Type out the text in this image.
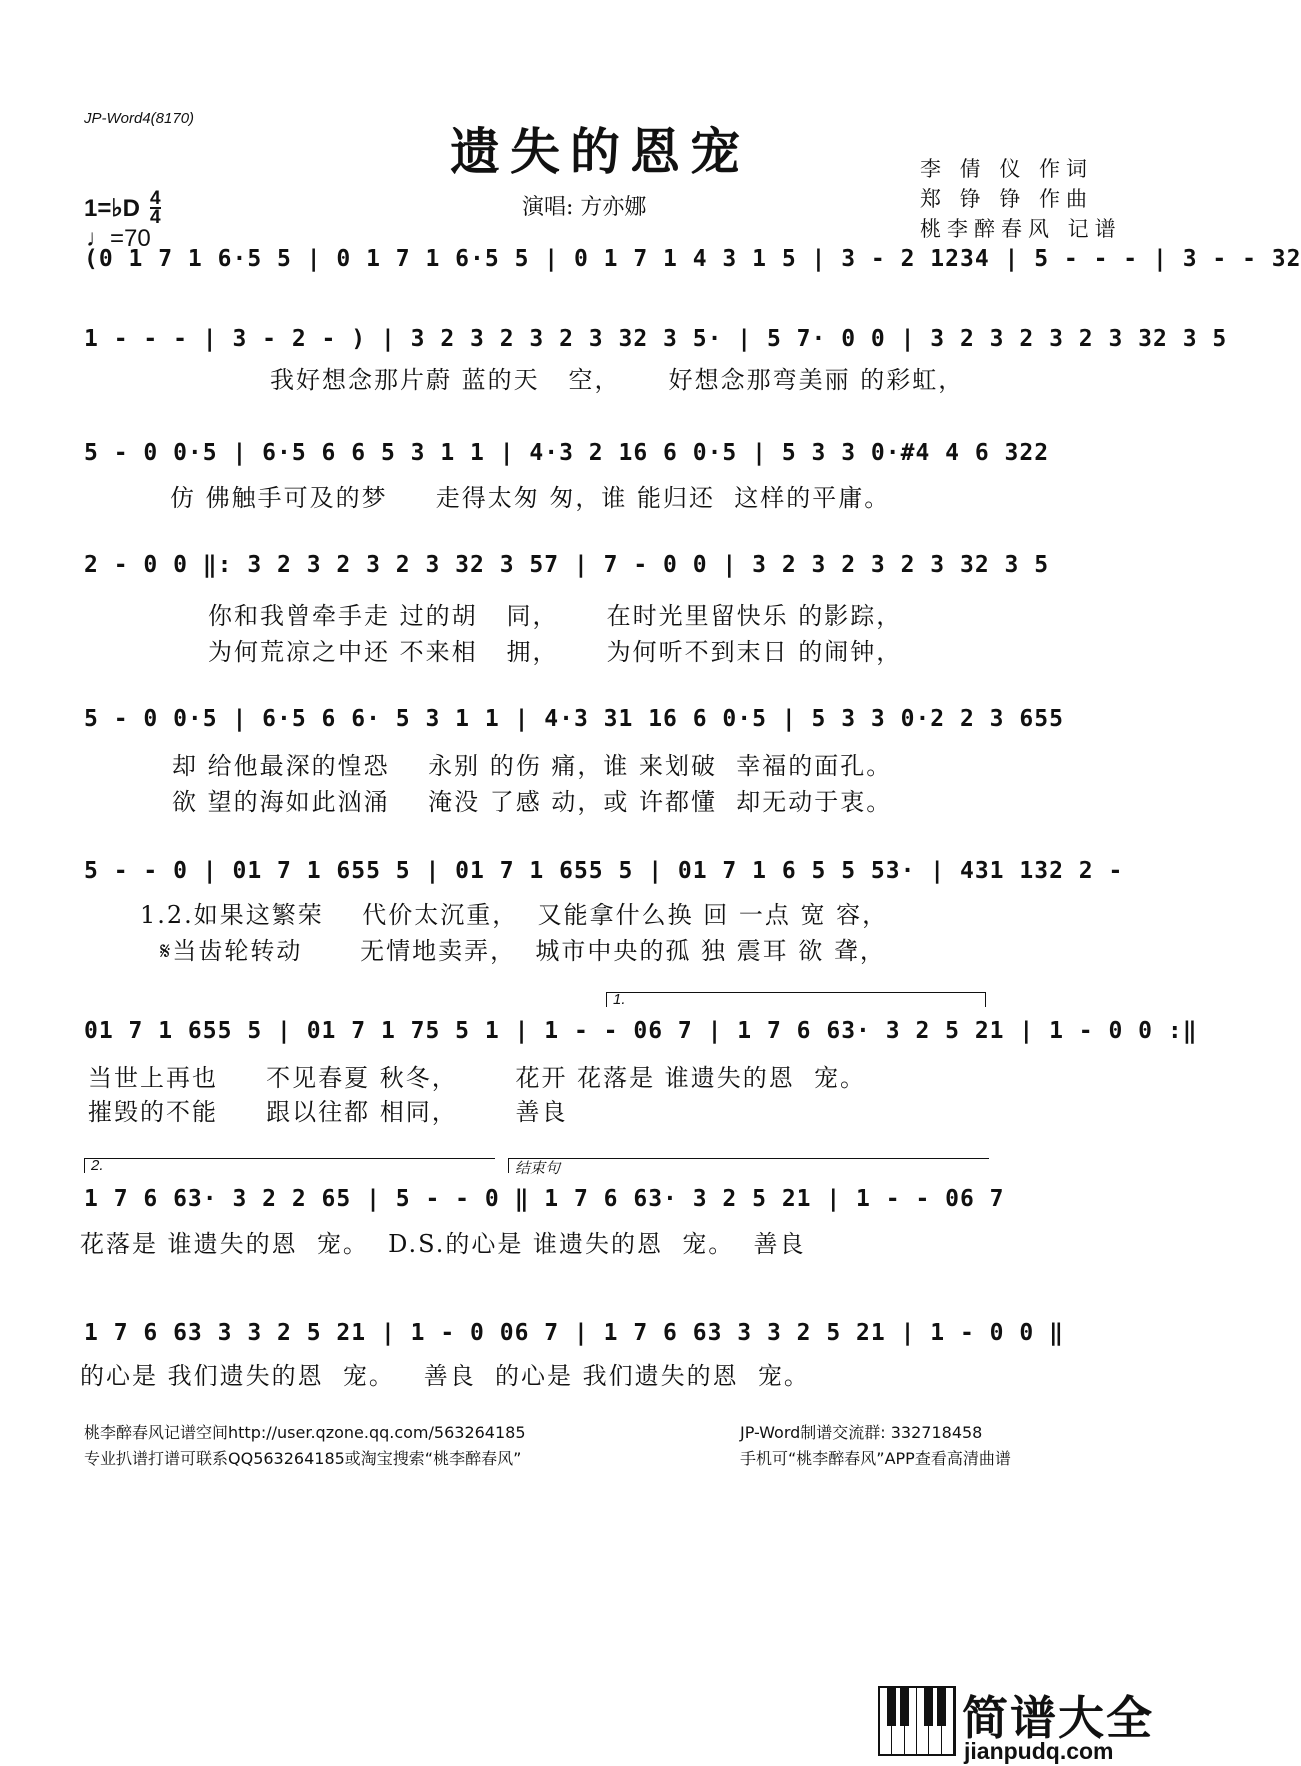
JP-Word4(8170)
遗失的恩宠	李 倩 仪 作词
郑 铮 铮 作曲
桃李醉春风 记谱
演唱: 方亦娜
1=♭D $\frac{4}{4}$
♩=70
(0 1 7 1 6·5 5 | 0 1 7 1 6·5 5 | 0 1 7 1 4 3 1 5 | 3 - 2 1234 | 5 - - - | 3 - - 32
1 - - - | 3 - 2 - ) | 3 2 3 2 3 2 3 32 3 5· | 5 7· 0 0 | 3 2 3 2 3 2 3 32 3 5
我好想念那片蔚 蓝的天   空，     好想念那弯美丽 的彩虹，
5 - 0 0·5 | 6·5 6 6 5 3 1 1 | 4·3 2 16 6 0·5 | 5 3 3 0·#4 4 6 322
仿 佛触手可及的梦     走得太匆 匆，谁 能归还  这样的平庸。
2 - 0 0 ‖: 3 2 3 2 3 2 3 32 3 57 | 7 - 0 0 | 3 2 3 2 3 2 3 32 3 5
你和我曾牵手走 过的胡   同，     在时光里留快乐 的影踪，
为何荒凉之中还 不来相   拥，     为何听不到末日 的闹钟，
5 - 0 0·5 | 6·5 6 6· 5 3 1 1 | 4·3 31 16 6 0·5 | 5 3 3 0·2 2 3 655
却 给他最深的惶恐    永别 的伤 痛，谁 来划破  幸福的面孔。
欲 望的海如此汹涌    淹没 了感 动，或 许都懂  却无动于衷。
5 - - 0 | 01 7 1 655 5 | 01 7 1 655 5 | 01 7 1 6 5 5 53· | 431 132 2 -
1.2.如果这繁荣    代价太沉重，  又能拿什么换 回 一点 宽 容，
𝄋当齿轮转动      无情地卖弄，  城市中央的孤 独 震耳 欲 聋，
1.
01 7 1 655 5 | 01 7 1 75 5 1 | 1 - - 06 7 | 1 7 6 63· 3 2 5 21 | 1 - 0 0 :‖
当世上再也     不见春夏 秋冬，      花开 花落是 谁遗失的恩  宠。
摧毁的不能     跟以往都 相同，      善良
2.	结束句
1 7 6 63· 3 2 2 65 | 5 - - 0 ‖ 1 7 6 63· 3 2 5 21 | 1 - - 06 7
花落是 谁遗失的恩  宠。  D.S.的心是 谁遗失的恩  宠。  善良
1 7 6 63 3 3 2 5 21 | 1 - 0 06 7 | 1 7 6 63 3 3 2 5 21 | 1 - 0 0 ‖
的心是 我们遗失的恩  宠。   善良  的心是 我们遗失的恩  宠。
桃李醉春风记谱空间http://user.qzone.qq.com/563264185
专业扒谱打谱可联系QQ563264185或淘宝搜索“桃李醉春风”
JP-Word制谱交流群: 332718458
手机可“桃李醉春风”APP查看高清曲谱
简谱大全
jianpudq.com
